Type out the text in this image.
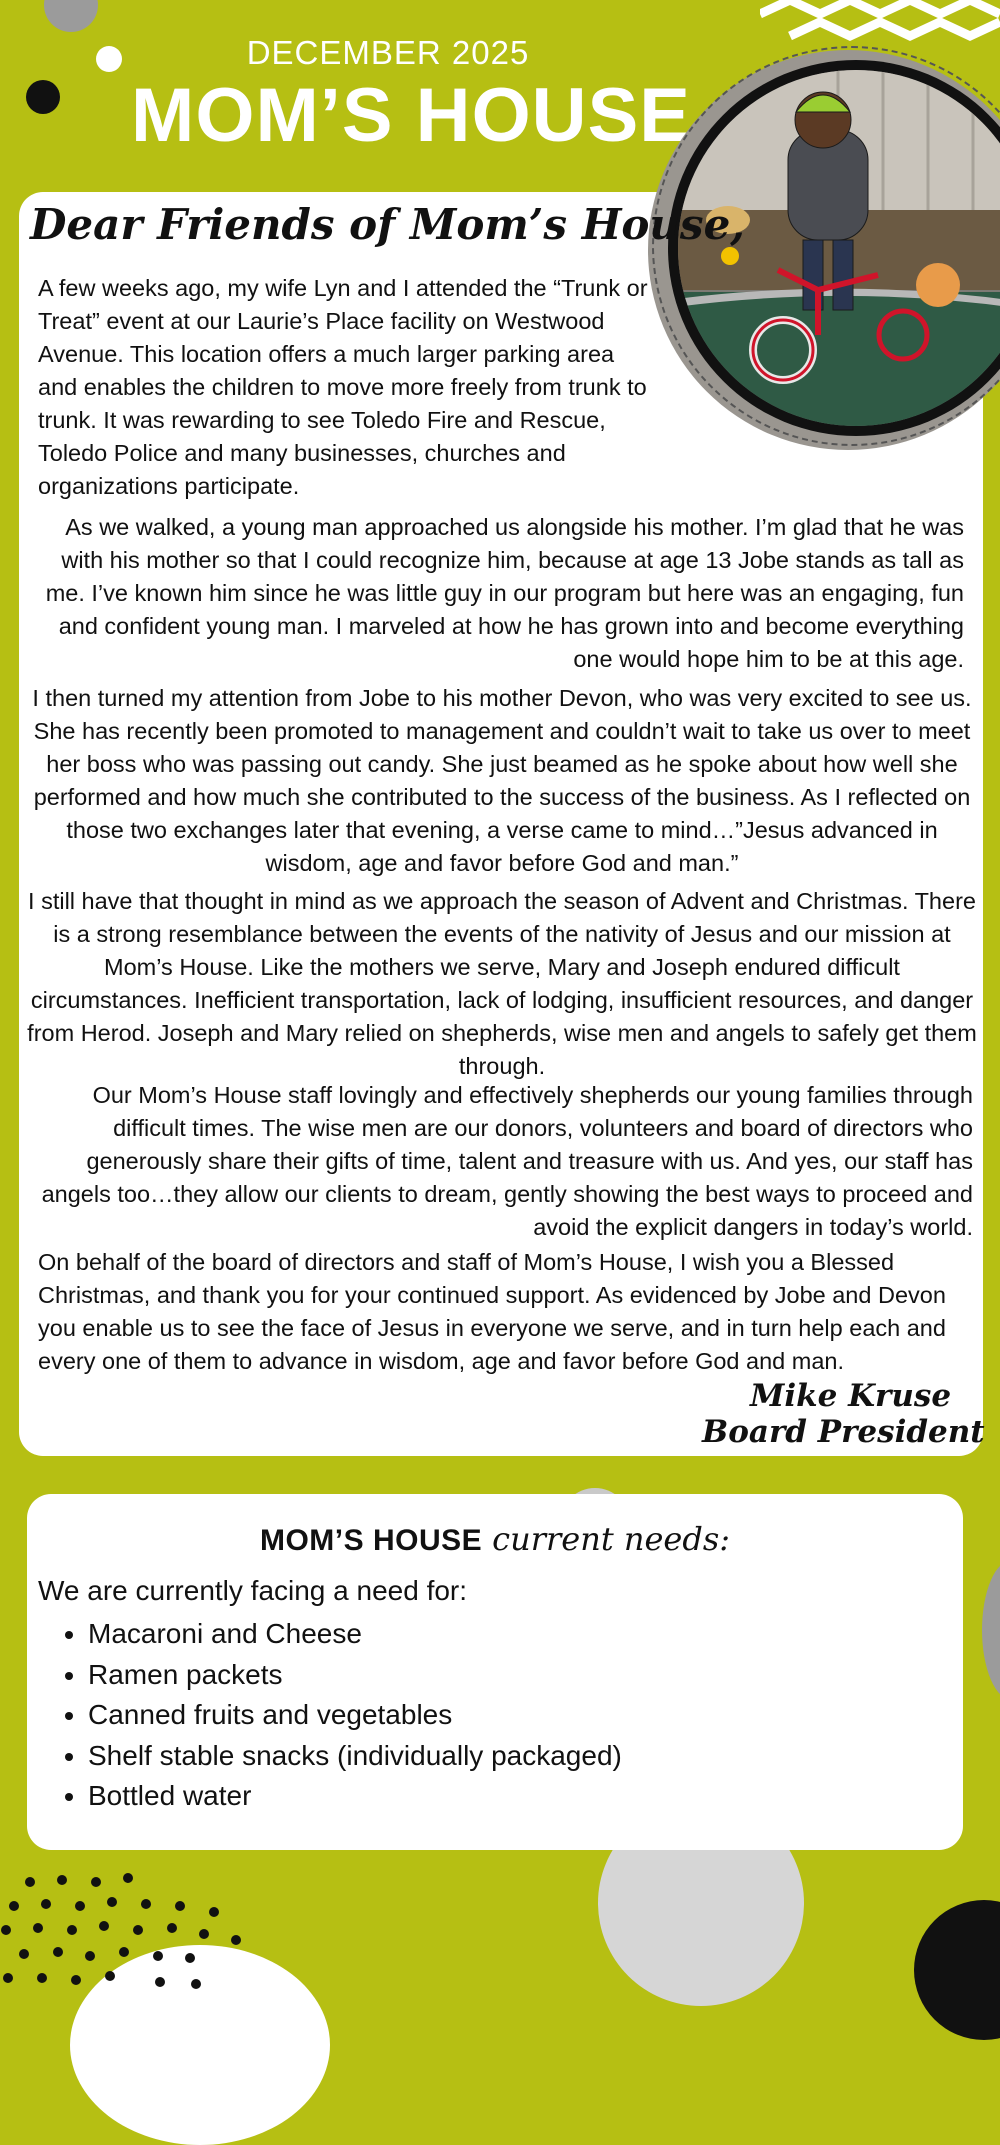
DECEMBER 2025
MOM’S HOUSE
Dear Friends of Mom’s House,

A few weeks ago, my wife Lyn and I attended the “Trunk or Treat” event at our Laurie’s Place facility on Westwood Avenue. This location offers a much larger parking area and enables the children to move more freely from trunk to trunk. It was rewarding to see Toledo Fire and Rescue, Toledo Police and many businesses, churches and organizations participate.

As we walked, a young man approached us alongside his mother. I’m glad that he was with his mother so that I could recognize him, because at age 13 Jobe stands as tall as me. I’ve known him since he was little guy in our program but here was an engaging, fun and confident young man. I marveled at how he has grown into and become everything one would hope him to be at this age.

I then turned my attention from Jobe to his mother Devon, who was very excited to see us. She has recently been promoted to management and couldn’t wait to take us over to meet her boss who was passing out candy. She just beamed as he spoke about how well she performed and how much she contributed to the success of the business. As I reflected on those two exchanges later that evening, a verse came to mind…”Jesus advanced in wisdom, age and favor before God and man.”

I still have that thought in mind as we approach the season of Advent and Christmas. There is a strong resemblance between the events of the nativity of Jesus and our mission at Mom’s House. Like the mothers we serve, Mary and Joseph endured difficult circumstances. Inefficient transportation, lack of lodging, insufficient resources, and danger from Herod. Joseph and Mary relied on shepherds, wise men and angels to safely get them through.

Our Mom’s House staff lovingly and effectively shepherds our young families through difficult times. The wise men are our donors, volunteers and board of directors who generously share their gifts of time, talent and treasure with us. And yes, our staff has angels too…they allow our clients to dream, gently showing the best ways to proceed and avoid the explicit dangers in today’s world.

On behalf of the board of directors and staff of Mom’s House, I wish you a Blessed Christmas, and thank you for your continued support. As evidenced by Jobe and Devon you enable us to see the face of Jesus in everyone we serve, and in turn help each and every one of them to advance in wisdom, age and favor before God and man.

Mike Kruse
Board President
MOM’S HOUSE current needs:
We are currently facing a need for:
• Macaroni and Cheese
• Ramen packets
• Canned fruits and vegetables
• Shelf stable snacks (individually packaged)
• Bottled water
